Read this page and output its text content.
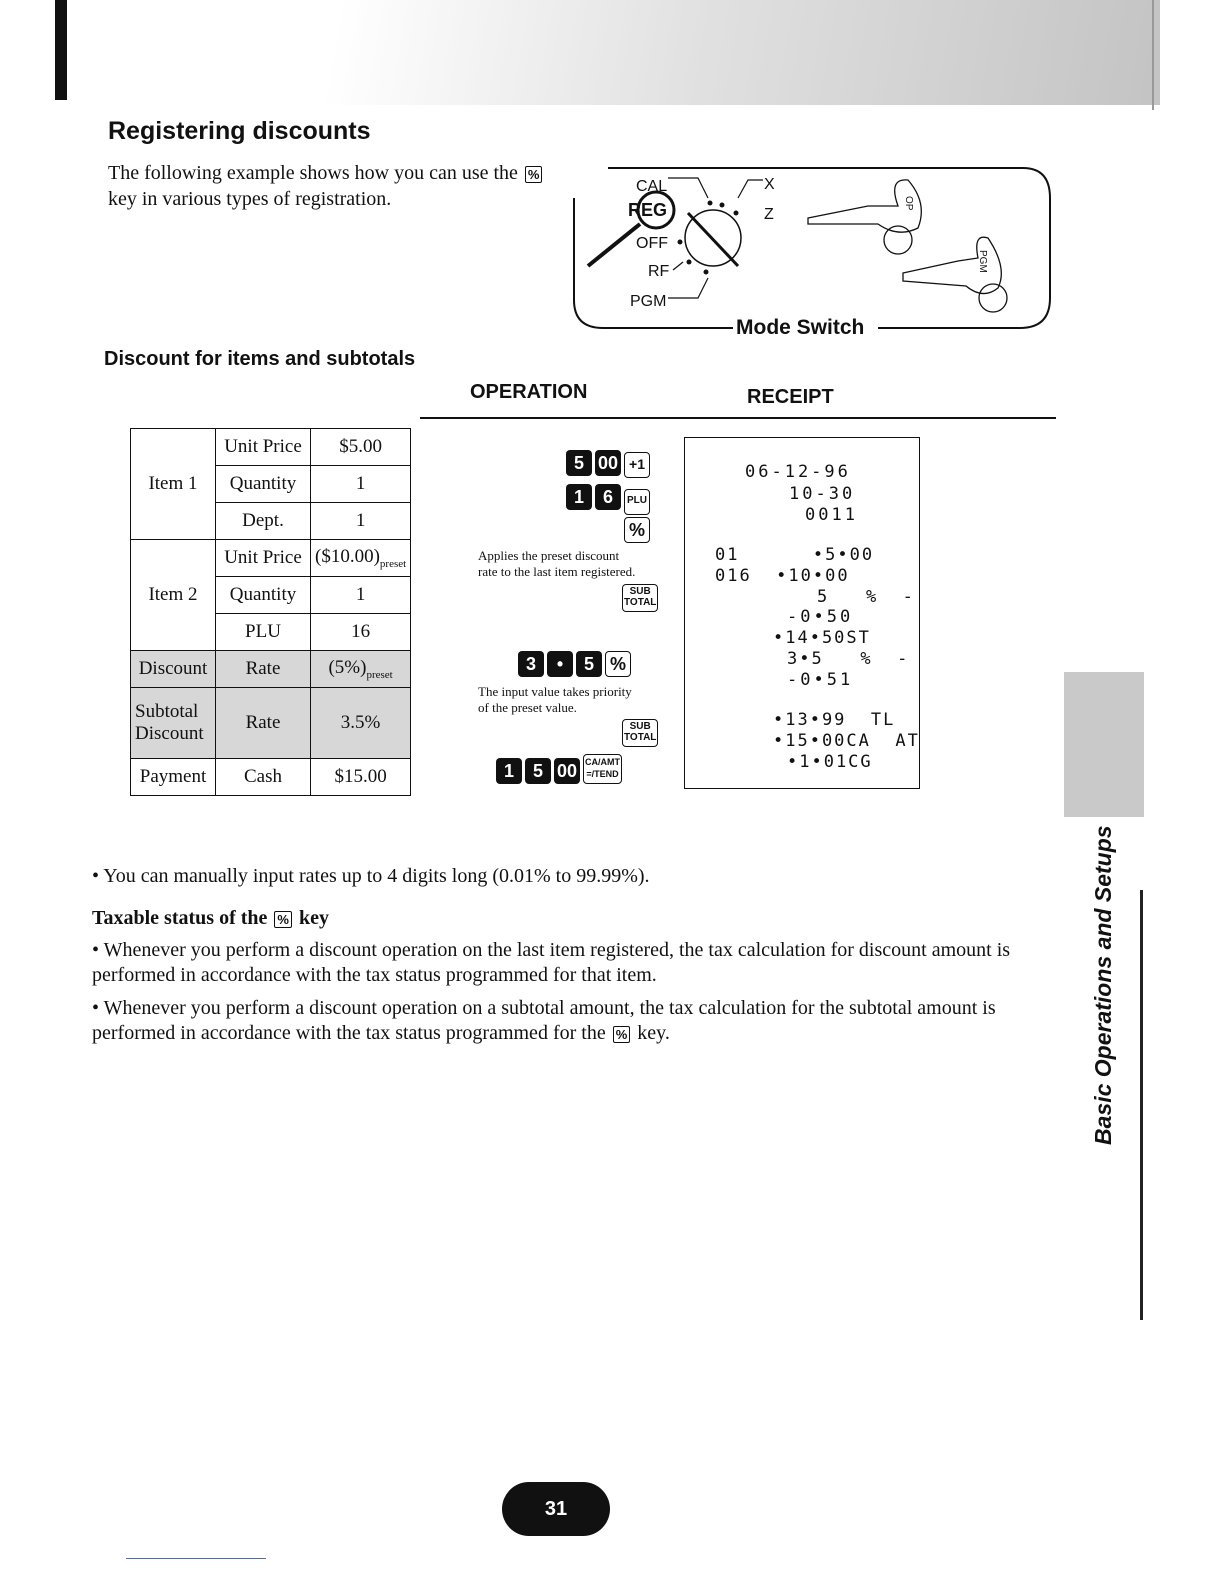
Basic Operations and Setups
Registering discounts
The following example shows how you can use the %key in various types of registration.
CAL
REG
OFF
RF
PGM
X
Z
OP
PGM
Mode Switch
Discount for items and subtotals
OPERATION	RECEIPT
Item 1	Unit Price	$5.00
	Quantity	1
	Dept.	1
Item 2	Unit Price	$(\$10.00)_{preset}$
	Quantity	1
	PLU	16
Discount	Rate	$(5\%)_{preset}$
Subtotal
Discount	Rate	3.5%
Payment	Cash	$15.00
5 00 +1
1 6 PLU
%
Applies the preset discount
rate to the last item registered.
SUB
TOTAL
3 • 5 %
The input value takes priority
of the preset value.
SUB
TOTAL
1 5 00 CA/AMT
=/TEND
06-12-96
10-30
0011
01      •5•00
016  •10•00
5   %  -
-0•50
•14•50ST
3•5   %  -
-0•51
•13•99  TL
•15•00CA  AT
•1•01CG
• You can manually input rates up to 4 digits long (0.01% to 99.99%).
Taxable status of the % key
• Whenever you perform a discount operation on the last item registered, the tax calculation for discount amount is performed in accordance with the tax status programmed for that item.
• Whenever you perform a discount operation on a subtotal amount, the tax calculation for the subtotal amount is performed in accordance with the tax status programmed for the % key.
31
